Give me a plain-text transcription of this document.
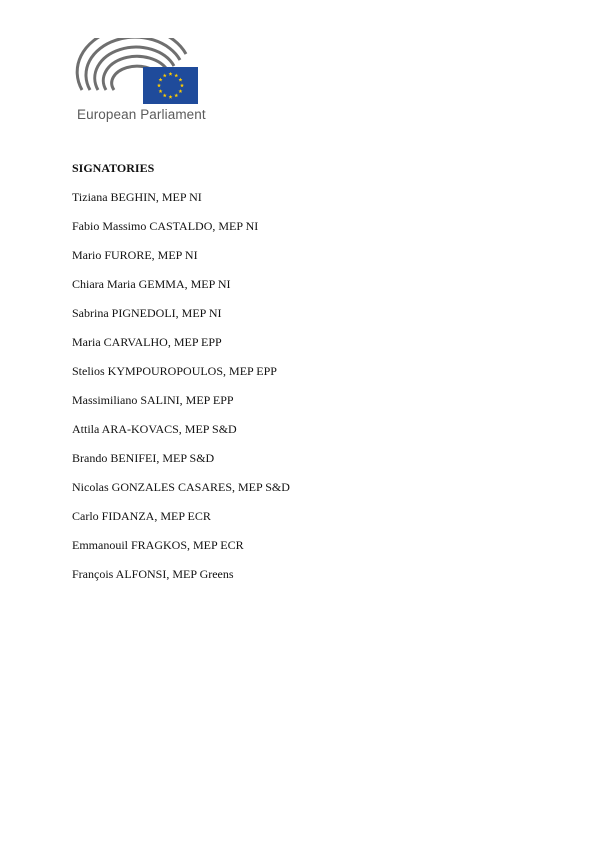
European Parliament
SIGNATORIES
Tiziana BEGHIN, MEP NI
Fabio Massimo CASTALDO, MEP NI
Mario FURORE, MEP NI
Chiara Maria GEMMA, MEP NI
Sabrina PIGNEDOLI, MEP NI
Maria CARVALHO, MEP EPP
Stelios KYMPOUROPOULOS, MEP EPP
Massimiliano SALINI, MEP EPP
Attila ARA-KOVACS, MEP S&D
Brando BENIFEI, MEP S&D
Nicolas GONZALES CASARES, MEP S&D
Carlo FIDANZA, MEP ECR
Emmanouil FRAGKOS, MEP ECR
François ALFONSI, MEP Greens
